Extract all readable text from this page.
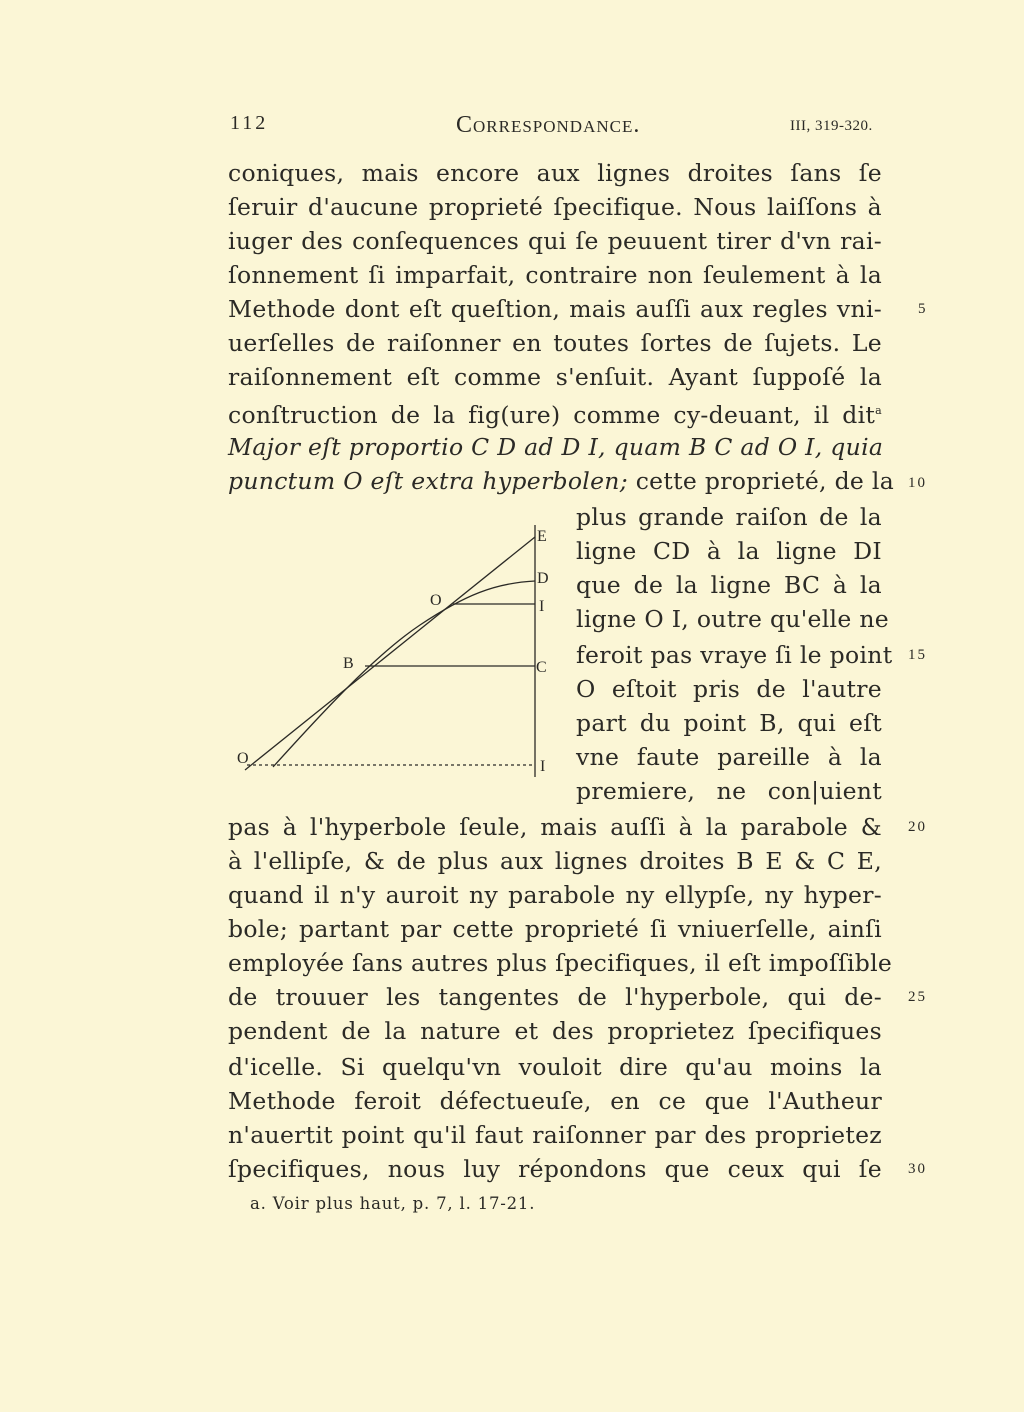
112	Correspondance.	III, 319-320.
coniques, mais encore aux lignes droites ſans ſe
ſeruir d'aucune proprieté ſpecifique. Nous laiſſons à
iuger des conſequences qui ſe peuuent tirer d'vn rai-
ſonnement ſi imparfait, contraire non ſeulement à la
Methode dont eſt queſtion, mais auſſi aux regles vni-
uerſelles de raiſonner en toutes ſortes de ſujets. Le
raiſonnement eſt comme s'enſuit. Ayant ſuppoſé la
conſtruction de la fig(ure) comme cy-deuant, il dit$^a$
Major eſt proportio C D ad D I, quam B C ad O I, quia
punctum O eſt extra hyperbolen; cette proprieté, de la
plus grande raiſon de la
ligne CD à la ligne DI
que de la ligne BC à la
ligne O I, outre qu'elle ne
feroit pas vraye ſi le point
O eſtoit pris de l'autre
part du point B, qui eſt
vne faute pareille à la
premiere, ne con|uient
pas à l'hyperbole ſeule, mais auſſi à la parabole &
à l'ellipſe, & de plus aux lignes droites B E & C E,
quand il n'y auroit ny parabole ny ellypſe, ny hyper-
bole; partant par cette proprieté ſi vniuerſelle, ainſi
employée ſans autres plus ſpecifiques, il eſt impoſſible
de trouuer les tangentes de l'hyperbole, qui de-
pendent de la nature et des proprietez ſpecifiques
d'icelle. Si quelqu'vn vouloit dire qu'au moins la
Methode feroit défectueuſe, en ce que l'Autheur
n'auertit point qu'il faut raiſonner par des proprietez
ſpecifiques, nous luy répondons que ceux qui ſe
5
10
15
20
25
30
E
D
I
O
B	C
O	I
a. Voir plus haut, p. 7, l. 17-21.
